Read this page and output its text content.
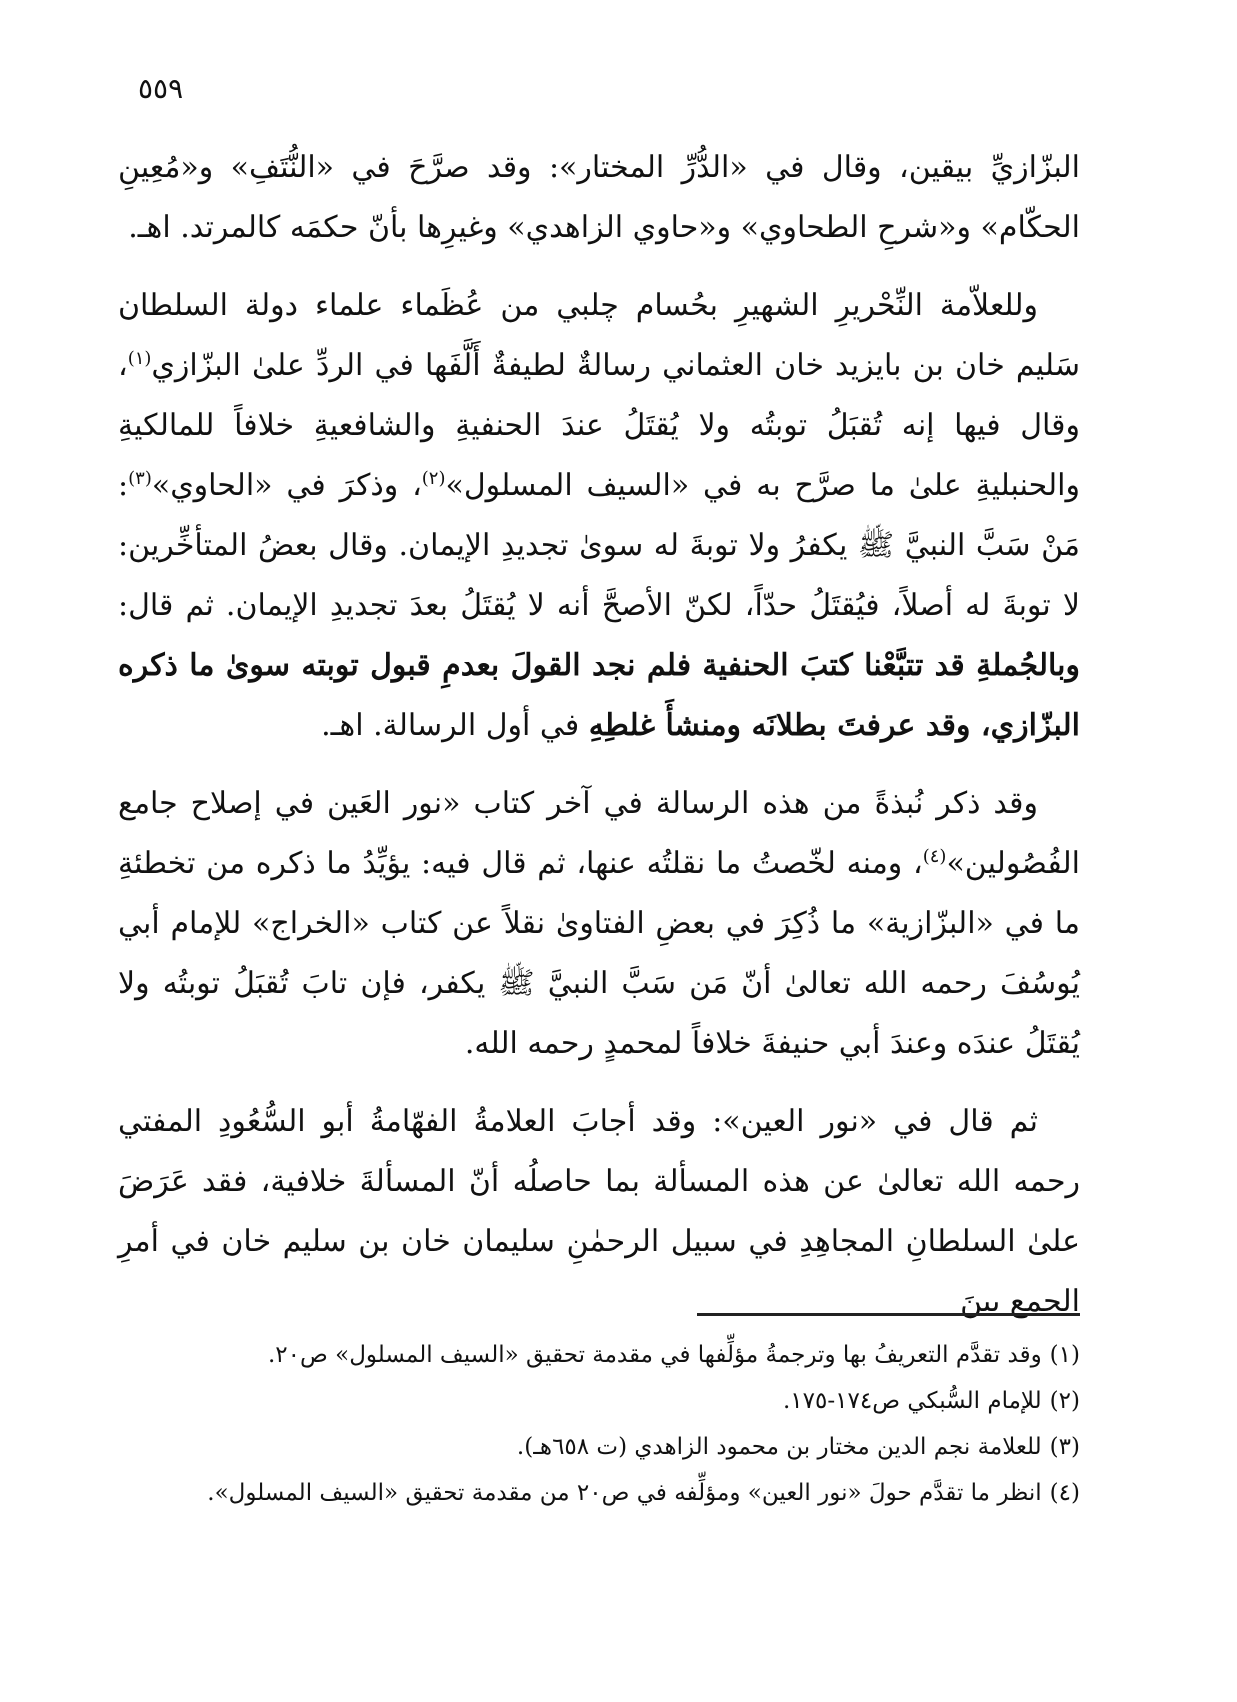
٥٥٩

البزّازيِّ بيقين، وقال في «الدُّرِّ المختار»: وقد صرَّحَ في «النُّتَفِ» و«مُعِينِ الحكّام» و«شرحِ الطحاوي» و«حاوي الزاهدي» وغيرِها بأنّ حكمَه كالمرتد. اهـ.

وللعلاّمة النِّحْريرِ الشهيرِ بحُسام چلبي من عُظَماء علماء دولة السلطان سَليم خان بن بايزيد خان العثماني رسالةٌ لطيفةٌ أَلَّفَها في الردِّ علىٰ البزّازي$^{(١)}$، وقال فيها إنه تُقبَلُ توبتُه ولا يُقتَلُ عندَ الحنفيةِ والشافعيةِ خلافاً للمالكيةِ والحنبليةِ علىٰ ما صرَّح به في «السيف المسلول»$^{(٢)}$، وذكرَ في «الحاوي»$^{(٣)}$: مَنْ سَبَّ النبيَّ ﷺ يكفرُ ولا توبةَ له سوىٰ تجديدِ الإيمان. وقال بعضُ المتأخِّرين: لا توبةَ له أصلاً، فيُقتَلُ حدّاً، لكنّ الأصحَّ أنه لا يُقتَلُ بعدَ تجديدِ الإيمان. ثم قال: وبالجُملةِ قد تتبَّعْنا كتبَ الحنفية فلم نجد القولَ بعدمِ قبول توبته سوىٰ ما ذكره البزّازي، وقد عرفتَ بطلانَه ومنشأَ غلطِهِ في أول الرسالة. اهـ.

وقد ذكر نُبذةً من هذه الرسالة في آخر كتاب «نور العَين في إصلاح جامع الفُصُولين»$^{(٤)}$، ومنه لخّصتُ ما نقلتُه عنها، ثم قال فيه: يؤيِّدُ ما ذكره من تخطئةِ ما في «البزّازية» ما ذُكِرَ في بعضِ الفتاوىٰ نقلاً عن كتاب «الخراج» للإمام أبي يُوسُفَ رحمه الله تعالىٰ أنّ مَن سَبَّ النبيَّ ﷺ يكفر، فإن تابَ تُقبَلُ توبتُه ولا يُقتَلُ عندَه وعندَ أبي حنيفةَ خلافاً لمحمدٍ رحمه الله.

ثم قال في «نور العين»: وقد أجابَ العلامةُ الفهّامةُ أبو السُّعُودِ المفتي رحمه الله تعالىٰ عن هذه المسألة بما حاصلُه أنّ المسألةَ خلافية، فقد عَرَضَ علىٰ السلطانِ المجاهِدِ في سبيل الرحمٰنِ سليمان خان بن سليم خان في أمرِ الجمع بينَ

(١)وقد تقدَّم التعريفُ بها وترجمةُ مؤلِّفها في مقدمة تحقيق «السيف المسلول» ص٢٠.

(٢)للإمام السُّبكي ص١٧٤-١٧٥.

(٣)للعلامة نجم الدين مختار بن محمود الزاهدي (ت ٦٥٨هـ).

(٤)انظر ما تقدَّم حولَ «نور العين» ومؤلِّفه في ص٢٠ من مقدمة تحقيق «السيف المسلول».
